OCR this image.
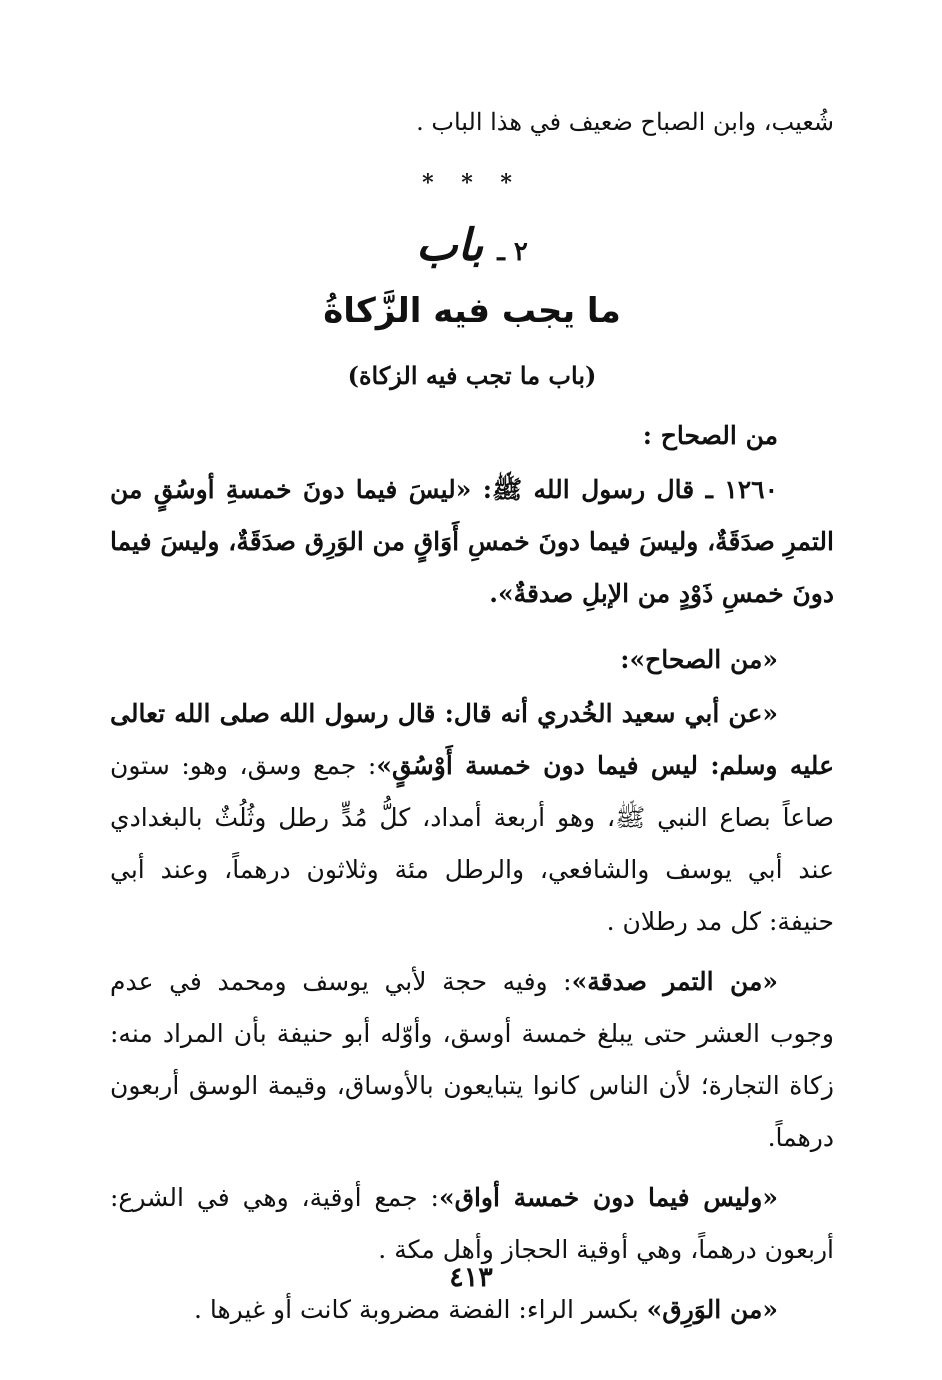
شُعيب، وابن الصباح ضعيف في هذا الباب .

* * *
٢ ـ باب
ما يجب فيه الزَّكاةُ
(باب ما تجب فيه الزكاة)
من الصحاح :

١٢٦٠ ـ قال رسول الله ﷺ: «ليسَ فيما دونَ خمسةِ أوسُقٍ من التمرِ صدَقَةٌ، وليسَ فيما دونَ خمسِ أَوَاقٍ من الوَرِق صدَقَةٌ، وليسَ فيما دونَ خمسِ ذَوْدٍ من الإبلِ صدقةٌ».

«من الصحاح»:

«عن أبي سعيد الخُدري أنه قال: قال رسول الله صلى الله تعالى عليه وسلم: ليس فيما دون خمسة أَوْسُقٍ»: جمع وسق، وهو: ستون صاعاً بصاع النبي ﷺ، وهو أربعة أمداد، كلُّ مُدٍّ رطل وثُلُثٌ بالبغدادي عند أبي يوسف والشافعي، والرطل مئة وثلاثون درهماً، وعند أبي حنيفة: كل مد رطلان .

«من التمر صدقة»: وفيه حجة لأبي يوسف ومحمد في عدم وجوب العشر حتى يبلغ خمسة أوسق، وأوّله أبو حنيفة بأن المراد منه: زكاة التجارة؛ لأن الناس كانوا يتبايعون بالأوساق، وقيمة الوسق أربعون درهماً.

«وليس فيما دون خمسة أواق»: جمع أوقية، وهي في الشرع: أربعون درهماً، وهي أوقية الحجاز وأهل مكة .

«من الوَرِق» بكسر الراء: الفضة مضروبة كانت أو غيرها .

٤١٣
